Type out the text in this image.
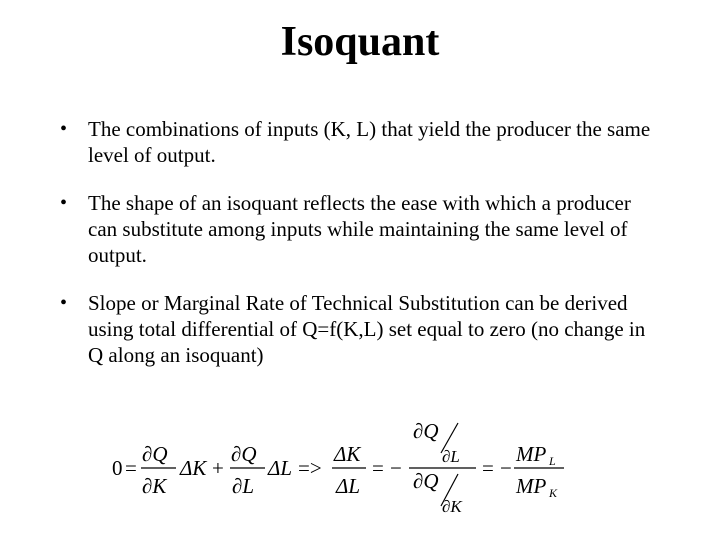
Isoquant
• The combinations of inputs (K, L) that yield the producer the same level of output.
• The shape of an isoquant reflects the ease with which a producer can substitute among inputs while maintaining the same level of output.
• Slope or Marginal Rate of Technical Substitution can be derived using total differential of Q=f(K,L) set equal to zero (no change in Q along an isoquant)
0 =
∂Q
∂K
ΔK +
∂Q
∂L
ΔL =>
ΔK
ΔL
= −
∂Q
∂L
∂Q
∂K
= −
MP L
MP K
